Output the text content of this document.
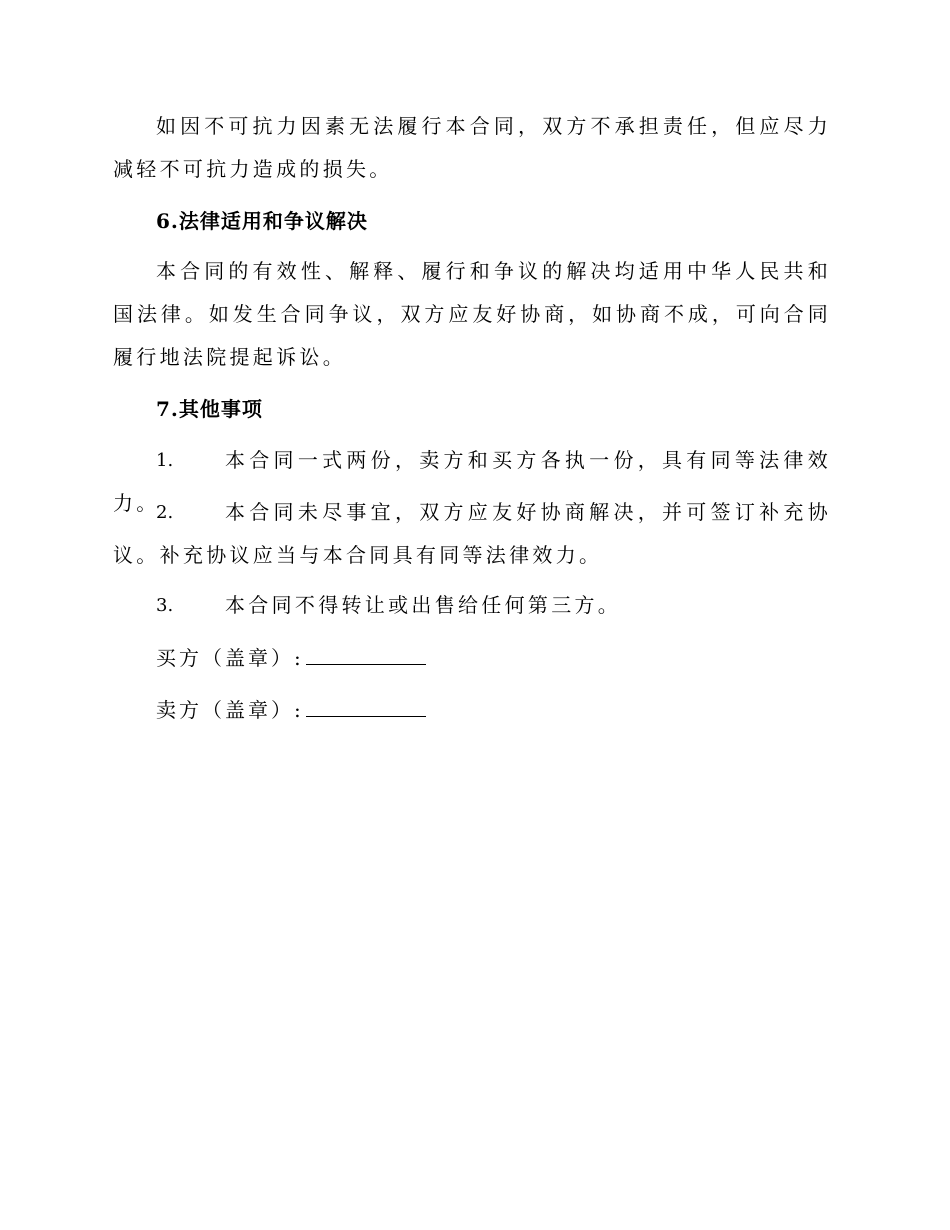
如因不可抗力因素无法履行本合同，双方不承担责任，但应尽力减轻不可抗力造成的损失。

6.法律适用和争议解决

本合同的有效性、解释、履行和争议的解决均适用中华人民共和国法律。如发生合同争议，双方应友好协商，如协商不成，可向合同履行地法院提起诉讼。

7.其他事项
1.	本合同一式两份，卖方和买方各执一份，具有同等法律效力。
2.	本合同未尽事宜，双方应友好协商解决，并可签订补充协议。补充协议应当与本合同具有同等法律效力。
3.	本合同不得转让或出售给任何第三方。

买方（盖章）:

卖方（盖章）:
